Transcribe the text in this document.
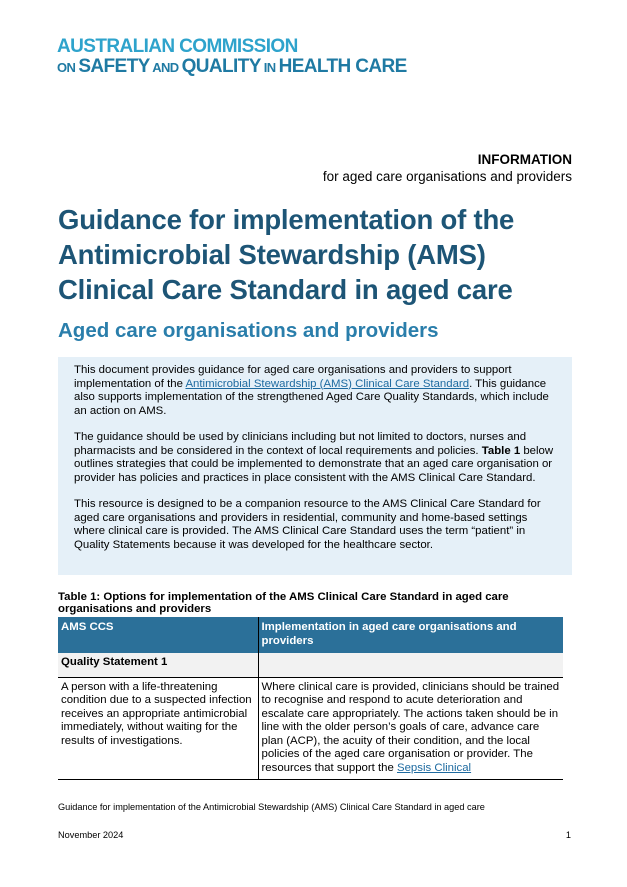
AUSTRALIAN COMMISSION
ON SAFETY AND QUALITY IN HEALTH CARE
INFORMATION
for aged care organisations and providers
Guidance for implementation of the Antimicrobial Stewardship (AMS) Clinical Care Standard in aged care
Aged care organisations and providers

This document provides guidance for aged care organisations and providers to support implementation of the Antimicrobial Stewardship (AMS) Clinical Care Standard. This guidance also supports implementation of the strengthened Aged Care Quality Standards, which include an action on AMS.

The guidance should be used by clinicians including but not limited to doctors, nurses and pharmacists and be considered in the context of local requirements and policies. Table 1 below outlines strategies that could be implemented to demonstrate that an aged care organisation or provider has policies and practices in place consistent with the AMS Clinical Care Standard.

This resource is designed to be a companion resource to the AMS Clinical Care Standard for aged care organisations and providers in residential, community and home-based settings where clinical care is provided. The AMS Clinical Care Standard uses the term “patient” in Quality Statements because it was developed for the healthcare sector.

Table 1: Options for implementation of the AMS Clinical Care Standard in aged care organisations and providers
AMS CCS	Implementation in aged care organisations and providers
Quality Statement 1	
A person with a life-threatening condition due to a suspected infection receives an appropriate antimicrobial immediately, without waiting for the results of investigations.	Where clinical care is provided, clinicians should be trained to recognise and respond to acute deterioration and escalate care appropriately. The actions taken should be in line with the older person’s goals of care, advance care plan (ACP), the acuity of their condition, and the local policies of the aged care organisation or provider. The resources that support the Sepsis Clinical
Guidance for implementation of the Antimicrobial Stewardship (AMS) Clinical Care Standard in aged care
November 2024	1
